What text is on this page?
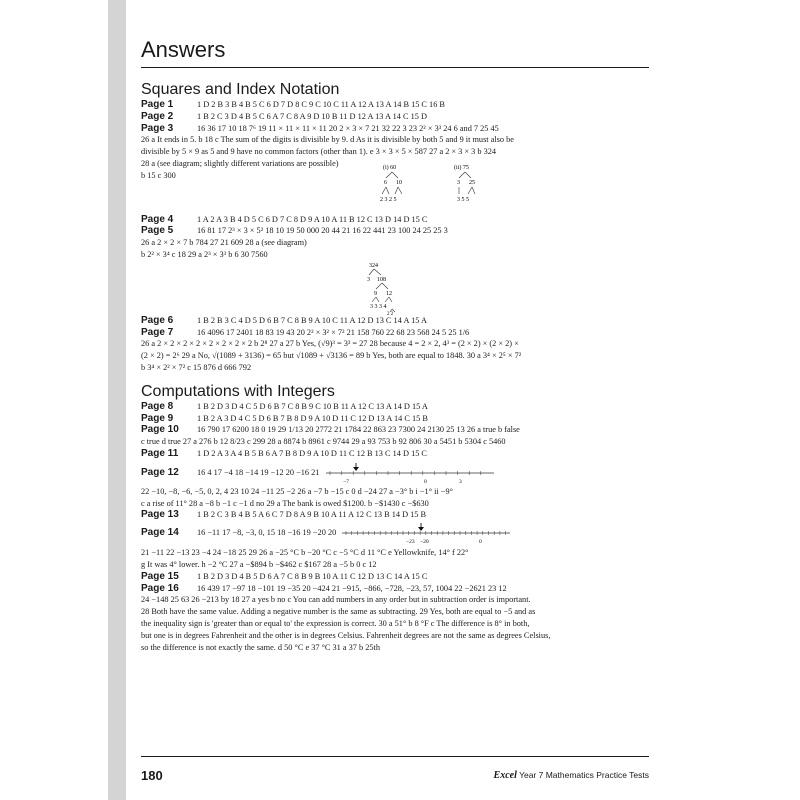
Answers
Squares and Index Notation
Page 1	1 D 2 B 3 B 4 B 5 C 6 D 7 D 8 C 9 C 10 C 11 A 12 A 13 A 14 B 15 C 16 B
Page 2	1 B 2 C 3 D 4 B 5 C 6 A 7 C 8 A 9 D 10 B 11 D 12 A 13 A 14 C 15 D
Page 3	16 36 17 10 18 7⁶ 19 11 × 11 × 11 × 11 20 2 × 3 × 7 21 32 22 3 23 2² × 3³ 24 6 and 7 25 45
26 a It ends in 5. b 18 c The sum of the digits is divisible by 9. d As it is divisible by both 5 and 9 it must also be
divisible by 5 × 9 as 5 and 9 have no common factors (other than 1). e 3 × 3 × 5 × 587 27 a 2 × 3 × 3 b 324
28 a (see diagram; slightly different variations are possible)
b 15 c 300
(i) 60
6 10
2 3 2 5
(ii) 75
3 25
3 5 5
Page 4	1 A 2 A 3 B 4 D 5 C 6 D 7 C 8 D 9 A 10 A 11 B 12 C 13 D 14 D 15 C
Page 5	16 81 17 2³ × 3 × 5² 18 10 19 50 000 20 44 21 16 22 441 23 100 24 25 25 3
26 a 2 × 2 × 7 b 784 27 21 609 28 a (see diagram)
b 2² × 3⁴ c 18 29 a 2³ × 3³ b 6 30 7560
324
3 108
9 12
3 3 3 4
2 2
Page 6	1 B 2 B 3 C 4 D 5 D 6 B 7 C 8 B 9 A 10 C 11 A 12 D 13 C 14 A 15 A
Page 7	16 4096 17 2401 18 83 19 43 20 2² × 3² × 7² 21 158 760 22 68 23 568 24 5 25 1/6
26 a 2 × 2 × 2 × 2 × 2 × 2 × 2 × 2 b 2⁸ 27 a 27 b Yes, (√9)³ = 3³ = 27 28 because 4 = 2 × 2, 4³ = (2 × 2) × (2 × 2) ×
(2 × 2) = 2⁶ 29 a No, √(1089 + 3136) = 65 but √1089 + √3136 = 89 b Yes, both are equal to 1848. 30 a 3⁴ × 2⁵ × 7²
b 3⁴ × 2² × 7² c 15 876 d 666 792
Computations with Integers
Page 8	1 B 2 D 3 D 4 C 5 D 6 B 7 C 8 B 9 C 10 B 11 A 12 C 13 A 14 D 15 A
Page 9	1 B 2 A 3 D 4 C 5 D 6 B 7 B 8 D 9 A 10 D 11 C 12 D 13 A 14 C 15 B
Page 10 16 790 17 6200 18 0 19 29 1/13 20 2772 21 1784 22 863 23 7300 24 2130 25 13 26 a true b false
c true d true 27 a 276 b 12 8/23 c 299 28 a 8874 b 8961 c 9744 29 a 93 753 b 92 806 30 a 5451 b 5304 c 5460
Page 11 1 D 2 A 3 A 4 B 5 B 6 A 7 B 8 D 9 A 10 D 11 C 12 B 13 C 14 D 15 C
Page 12 16 4 17 −4 18 −14 19 −12 20 −16 21
−7	0	3
22 −10, −8, −6, −5, 0, 2, 4 23 10 24 −11 25 −2 26 a −7 b −15 c 0 d −24 27 a −3° b i −1° ii −9°
c a rise of 11° 28 a −8 b −1 c −1 d no 29 a The bank is owed $1200. b −$1430 c −$630
Page 13 1 B 2 C 3 B 4 B 5 A 6 C 7 D 8 A 9 B 10 A 11 A 12 C 13 B 14 D 15 B
Page 14 16 −11 17 −8, −3, 0, 15 18 −16 19 −20 20
−23 −20	0
21 −11 22 −13 23 −4 24 −18 25 29 26 a −25 °C b −20 °C c −5 °C d 11 °C e Yellowknife, 14° f 22°
g It was 4° lower. h −2 °C 27 a −$894 b −$462 c $167 28 a −5 b 0 c 12
Page 15 1 B 2 D 3 D 4 B 5 D 6 A 7 C 8 B 9 B 10 A 11 C 12 D 13 C 14 A 15 C
Page 16 16 439 17 −97 18 −101 19 −35 20 −424 21 −915, −866, −728, −23, 57, 1004 22 −2621 23 12
24 −148 25 63 26 −213 by 18 27 a yes b no c You can add numbers in any order but in subtraction order is important.
28 Both have the same value. Adding a negative number is the same as subtracting. 29 Yes, both are equal to −5 and as
the inequality sign is 'greater than or equal to' the expression is correct. 30 a 51° b 8 °F c The difference is 8° in both,
but one is in degrees Fahrenheit and the other is in degrees Celsius. Fahrenheit degrees are not the same as degrees Celsius,
so the difference is not exactly the same. d 50 °C e 37 °C 31 a 37 b 25th
180	Excel Year 7 Mathematics Practice Tests
